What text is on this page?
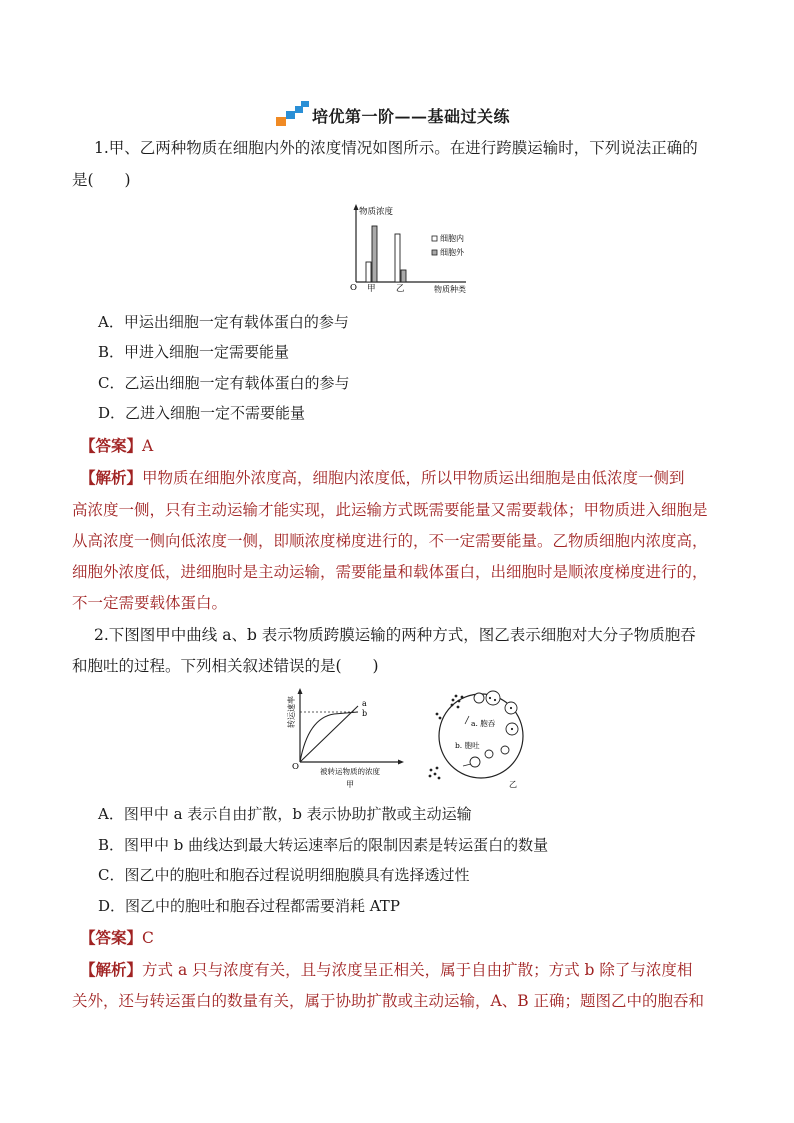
培优第一阶——基础过关练
1.甲、乙两种物质在细胞内外的浓度情况如图所示。在进行跨膜运输时，下列说法正确的
是(　　)
物质浓度
O	物质种类
甲 乙
细胞内
细胞外
A．甲运出细胞一定有载体蛋白的参与
B．甲进入细胞一定需要能量
C．乙运出细胞一定有载体蛋白的参与
D．乙进入细胞一定不需要能量
【答案】A
【解析】甲物质在细胞外浓度高，细胞内浓度低，所以甲物质运出细胞是由低浓度一侧到
高浓度一侧，只有主动运输才能实现，此运输方式既需要能量又需要载体；甲物质进入细胞是
从高浓度一侧向低浓度一侧，即顺浓度梯度进行的，不一定需要能量。乙物质细胞内浓度高，
细胞外浓度低，进细胞时是主动运输，需要能量和载体蛋白，出细胞时是顺浓度梯度进行的，
不一定需要载体蛋白。
2.下图图甲中曲线 a、b 表示物质跨膜运输的两种方式，图乙表示细胞对大分子物质胞吞
和胞吐的过程。下列相关叙述错误的是(　　)
转运速率
O	被转运物质的浓度
甲
a
b
a. 胞吞
b. 胞吐
乙
A．图甲中 a 表示自由扩散，b 表示协助扩散或主动运输
B．图甲中 b 曲线达到最大转运速率后的限制因素是转运蛋白的数量
C．图乙中的胞吐和胞吞过程说明细胞膜具有选择透过性
D．图乙中的胞吐和胞吞过程都需要消耗 ATP
【答案】C
【解析】方式 a 只与浓度有关，且与浓度呈正相关，属于自由扩散；方式 b 除了与浓度相
关外，还与转运蛋白的数量有关，属于协助扩散或主动运输，A、B 正确；题图乙中的胞吞和
